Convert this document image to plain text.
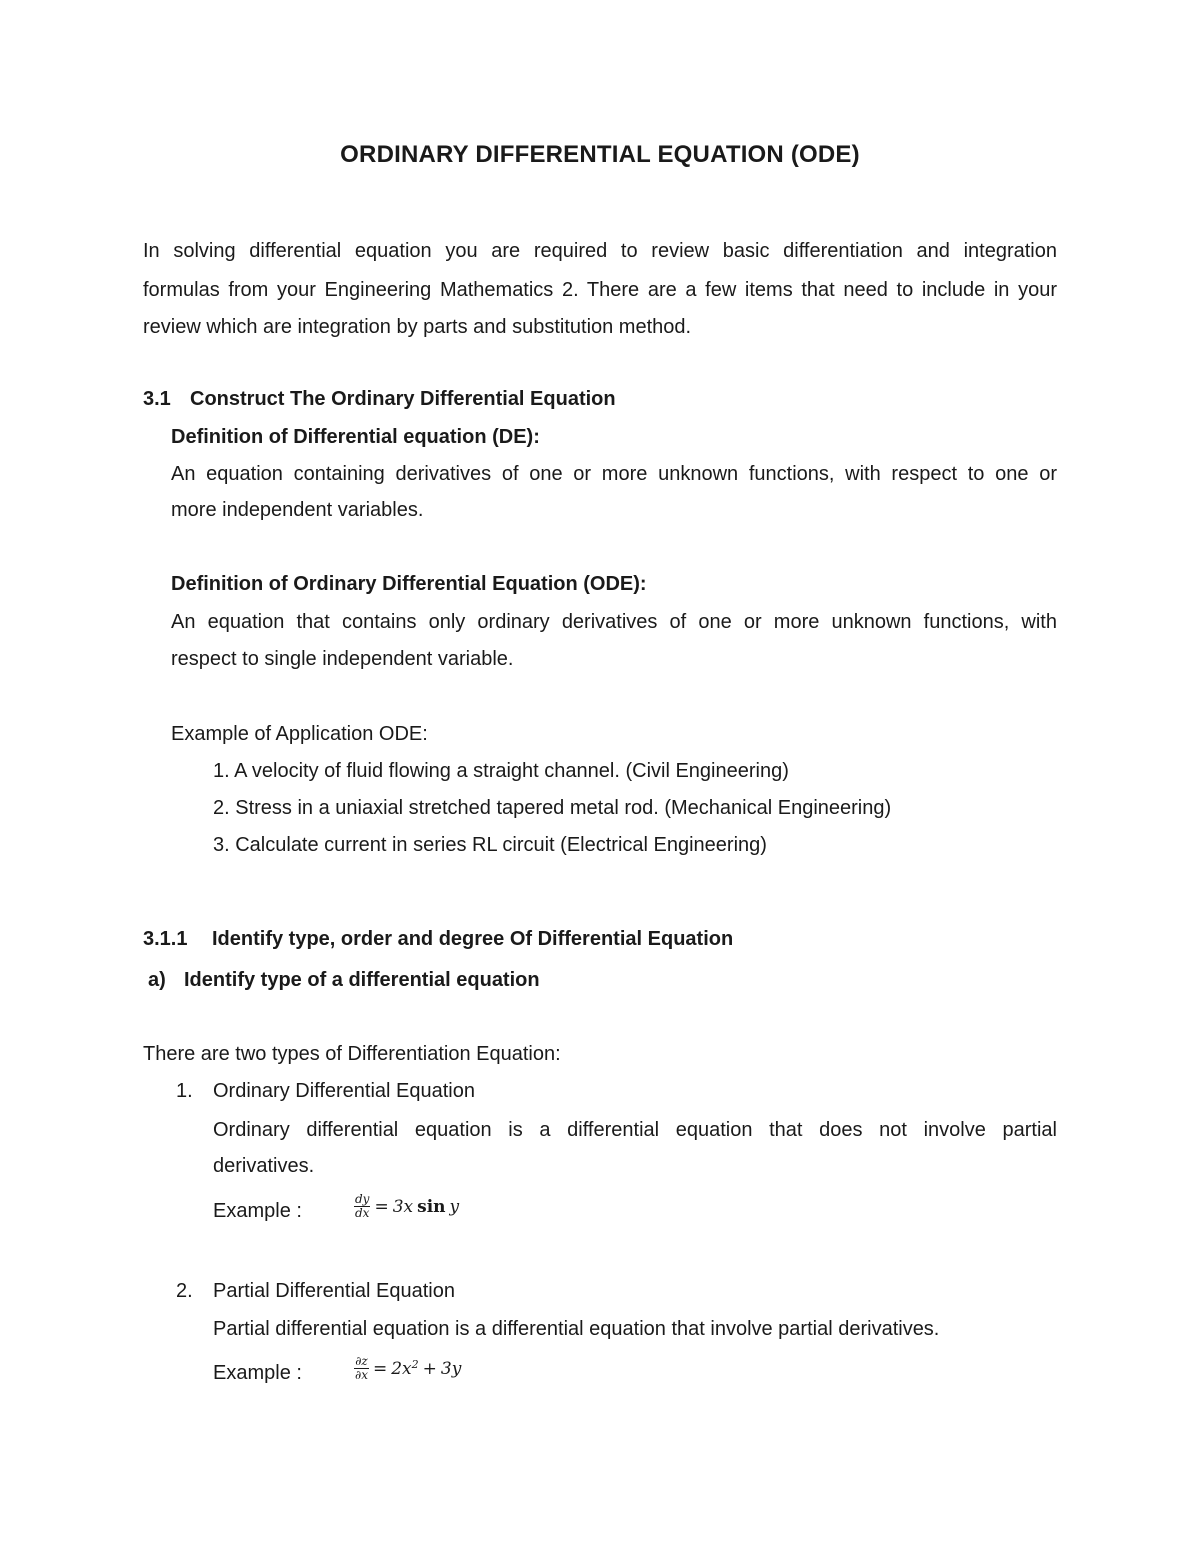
ORDINARY DIFFERENTIAL EQUATION (ODE)
In solving differential equation you are required to review basic differentiation and integration
formulas from your Engineering Mathematics 2. There are a few items that need to include in your
review which are integration by parts and substitution method.
3.1 Construct The Ordinary Differential Equation
Definition of Differential equation (DE):
An equation containing derivatives of one or more unknown functions, with respect to one or
more independent variables.
Definition of Ordinary Differential Equation (ODE):
An equation that contains only ordinary derivatives of one or more unknown functions, with
respect to single independent variable.
Example of Application ODE:
1. A velocity of fluid flowing a straight channel. (Civil Engineering)
2. Stress in a uniaxial stretched tapered metal rod. (Mechanical Engineering)
3. Calculate current in series RL circuit (Electrical Engineering)
3.1.1 Identify type, order and degree Of Differential Equation
a) Identify type of a differential equation
There are two types of Differentiation Equation:
1. Ordinary Differential Equation
Ordinary differential equation is a differential equation that does not involve partial
derivatives.
Example :	$\frac{dy}{dx} = 3x$ sin y
2. Partial Differential Equation
Partial differential equation is a differential equation that involve partial derivatives.
Example :	$\frac{\partial z}{\partial x} = 2x^2 + 3y$
